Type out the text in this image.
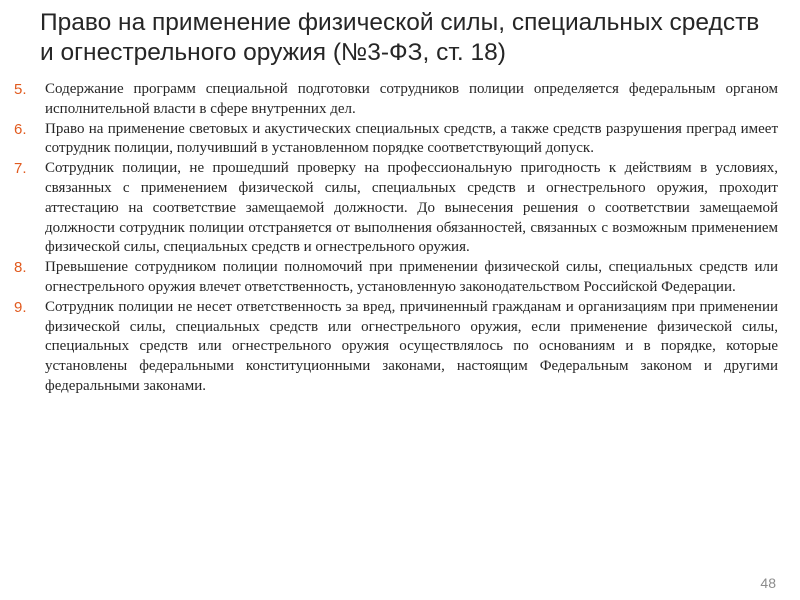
Право на применение физической силы, специальных средств и огнестрельного оружия (№3-ФЗ, ст. 18)
5. Содержание программ специальной подготовки сотрудников полиции определяется федеральным органом исполнительной власти в сфере внутренних дел.
6. Право на применение световых и акустических специальных средств, а также средств разрушения преград имеет сотрудник полиции, получивший в установленном порядке соответствующий допуск.
7. Сотрудник полиции, не прошедший проверку на профессиональную пригодность к действиям в условиях, связанных с применением физической силы, специальных средств и огнестрельного оружия, проходит аттестацию на соответствие замещаемой должности. До вынесения решения о соответствии замещаемой должности сотрудник полиции отстраняется от выполнения обязанностей, связанных с возможным применением физической силы, специальных средств и огнестрельного оружия.
8. Превышение сотрудником полиции полномочий при применении физической силы, специальных средств или огнестрельного оружия влечет ответственность, установленную законодательством Российской Федерации.
9. Сотрудник полиции не несет ответственность за вред, причиненный гражданам и организациям при применении физической силы, специальных средств или огнестрельного оружия, если применение физической силы, специальных средств или огнестрельного оружия осуществлялось по основаниям и в порядке, которые установлены федеральными конституционными законами, настоящим Федеральным законом и другими федеральными законами.
48
